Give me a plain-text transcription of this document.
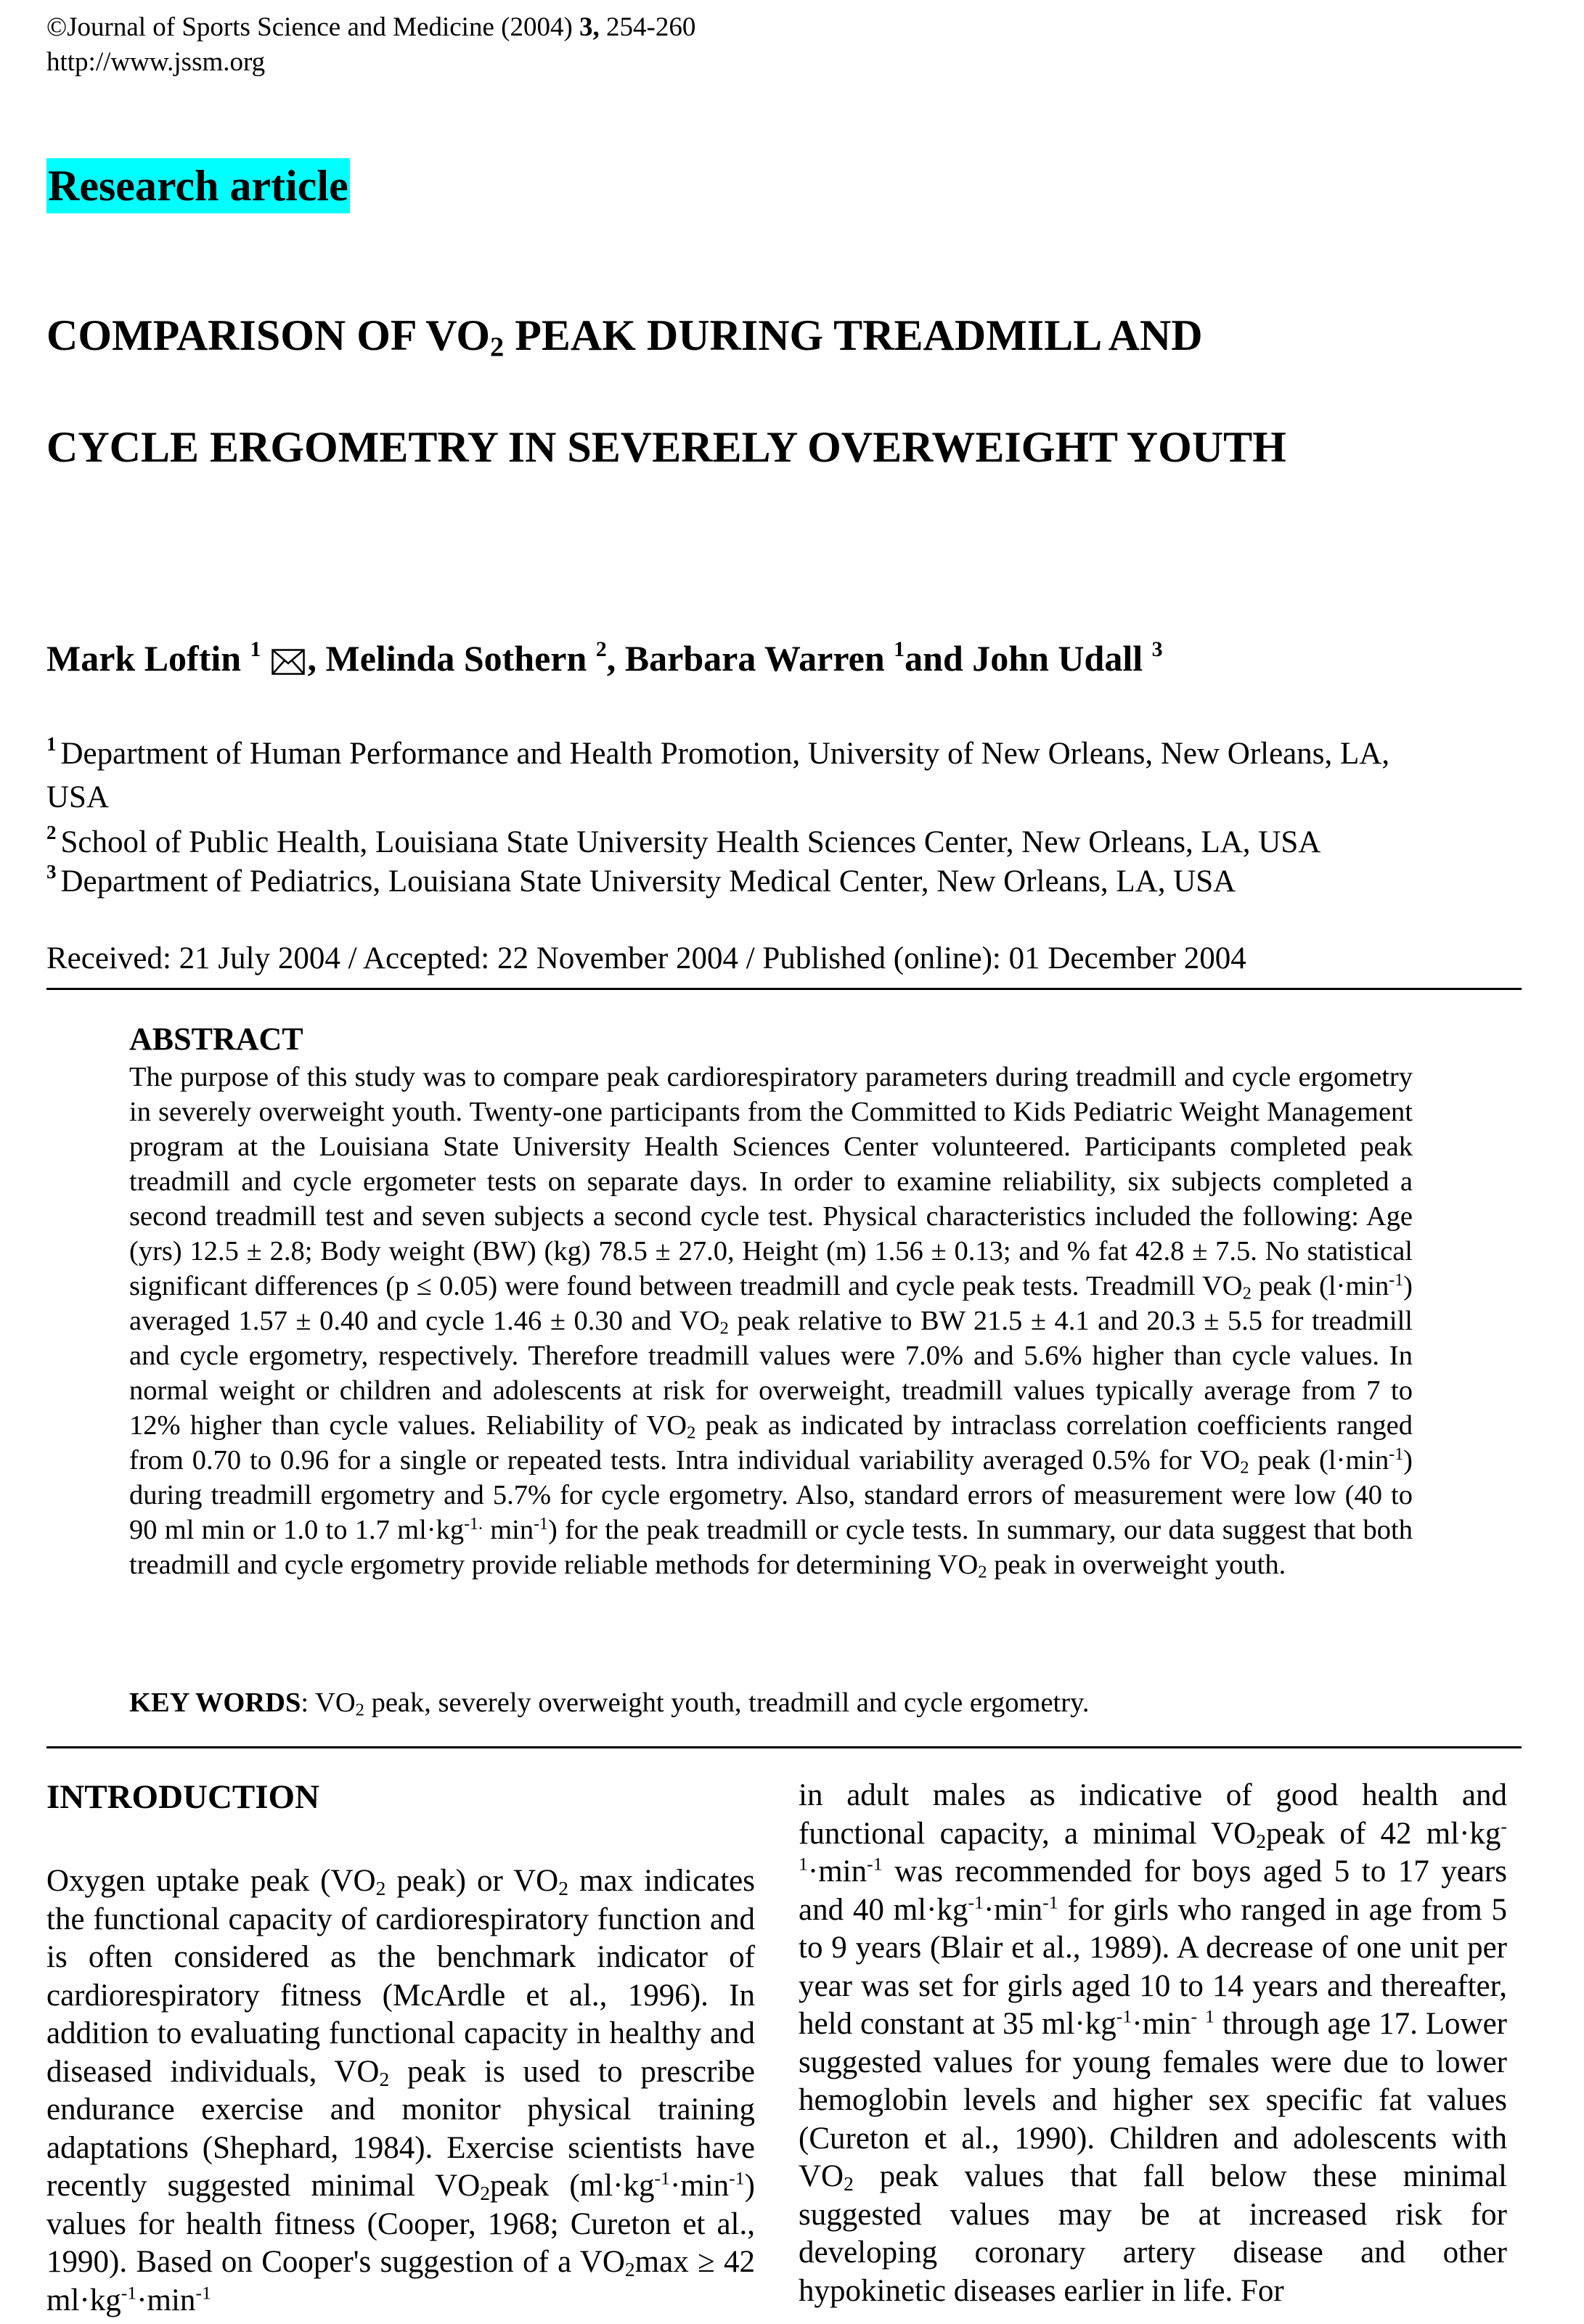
©Journal of Sports Science and Medicine (2004) 3, 254-260
http://www.jssm.org
Research article
COMPARISON OF $VO_2$ PEAK DURING TREADMILL AND
CYCLE ERGOMETRY IN SEVERELY OVERWEIGHT YOUTH
Mark Loftin $^1$ , Melinda Sothern $^2$, Barbara Warren $^1$and John Udall $^3$
$^1$ Department of Human Performance and Health Promotion, University of New Orleans, New Orleans, LA,
USA
$^2$ School of Public Health, Louisiana State University Health Sciences Center, New Orleans, LA, USA
$^3$ Department of Pediatrics, Louisiana State University Medical Center, New Orleans, LA, USA
Received: 21 July 2004 / Accepted: 22 November 2004 / Published (online): 01 December 2004
ABSTRACT
The purpose of this study was to compare peak cardiorespiratory parameters during treadmill and cycle ergometry in severely overweight youth. Twenty-one participants from the Committed to Kids Pediatric Weight Management program at the Louisiana State University Health Sciences Center volunteered. Participants completed peak treadmill and cycle ergometer tests on separate days. In order to examine reliability, six subjects completed a second treadmill test and seven subjects a second cycle test. Physical characteristics included the following: Age (yrs) 12.5 ± 2.8; Body weight (BW) (kg) 78.5 ± 27.0, Height (m) 1.56 ± 0.13; and % fat 42.8 ± 7.5. No statistical significant differences (p ≤ 0.05) were found between treadmill and cycle peak tests. Treadmill $VO_2$ peak $(l\cdot\min^{-1})$ averaged 1.57 ± 0.40 and cycle 1.46 ± 0.30 and $VO_2$ peak relative to BW 21.5 ± 4.1 and 20.3 ± 5.5 for treadmill and cycle ergometry, respectively. Therefore treadmill values were 7.0% and 5.6% higher than cycle values. In normal weight or children and adolescents at risk for overweight, treadmill values typically average from 7 to 12% higher than cycle values. Reliability of $VO_2$ peak as indicated by intraclass correlation coefficients ranged from 0.70 to 0.96 for a single or repeated tests. Intra individual variability averaged 0.5% for $VO_2$ peak $(l\cdot\min^{-1})$ during treadmill ergometry and 5.7% for cycle ergometry. Also, standard errors of measurement were low (40 to 90 ml min or 1.0 to 1.7 $ml\cdot kg^{-1.}$ $\min^{-1}$) for the peak treadmill or cycle tests. In summary, our data suggest that both treadmill and cycle ergometry provide reliable methods for determining $VO_2$ peak in overweight youth.
KEY WORDS: $VO_2$ peak, severely overweight youth, treadmill and cycle ergometry.
INTRODUCTION
Oxygen uptake peak ($VO_2$ peak) or $VO_2$ max indicates the functional capacity of cardiorespiratory function and is often considered as the benchmark indicator of cardiorespiratory fitness (McArdle et al., 1996). In addition to evaluating functional capacity in healthy and diseased individuals, $VO_2$ peak is used to prescribe endurance exercise and monitor physical training adaptations (Shephard, 1984). Exercise scientists have recently suggested minimal $VO_2peak$ $(ml\cdot kg^{-1}\cdot\min^{-1})$ values for health fitness (Cooper, 1968; Cureton et al., 1990). Based on Cooper's suggestion of a $VO_2\max \ge 42$ $ml\cdot kg^{-1}\cdot\min^{-1}$
in adult males as indicative of good health and functional capacity, a minimal $VO_2peak$ of 42 ml·kg- $^1\cdot\min^{-1}$ was recommended for boys aged 5 to 17 years and 40 $ml\cdot kg^{-1}\cdot\min^{-1}$ for girls who ranged in age from 5 to 9 years (Blair et al., 1989). A decrease of one unit per year was set for girls aged 10 to 14 years and thereafter, held constant at 35 $ml\cdot kg^{-1}\cdot\min^-$ $^1$ through age 17. Lower suggested values for young females were due to lower hemoglobin levels and higher sex specific fat values (Cureton et al., 1990). Children and adolescents with $VO_2$ peak values that fall below these minimal suggested values may be at increased risk for developing coronary artery disease and other hypokinetic diseases earlier in life. For
